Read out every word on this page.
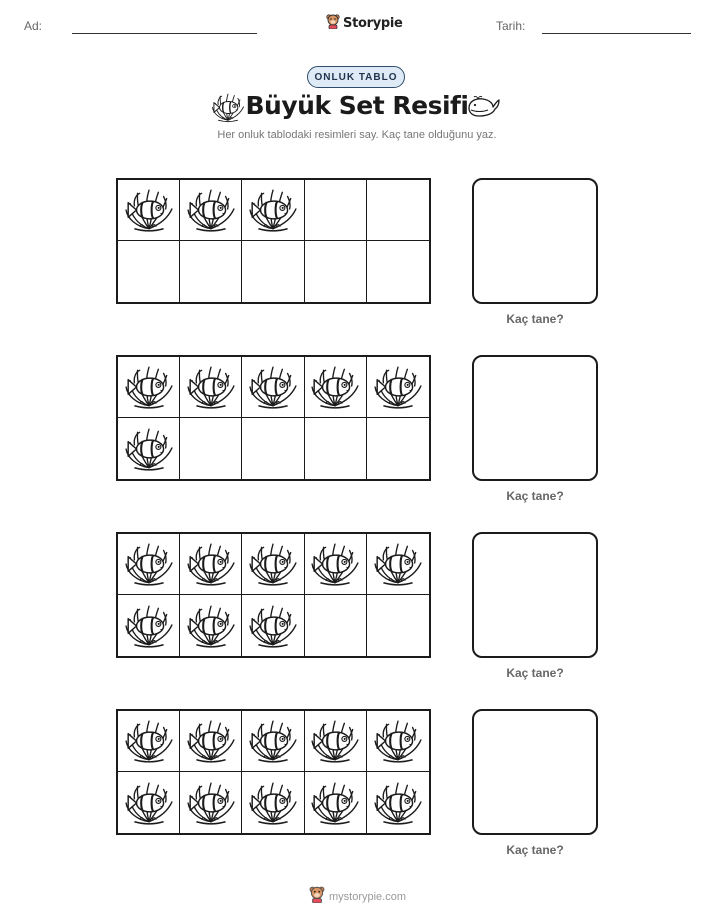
Ad:	Storypie	Tarih:
ONLUK TABLO
Büyük Set Resifi
Her onluk tablodaki resimleri say. Kaç tane olduğunu yaz.
Kaç tane?
Kaç tane?
Kaç tane?
Kaç tane?
mystorypie.com
